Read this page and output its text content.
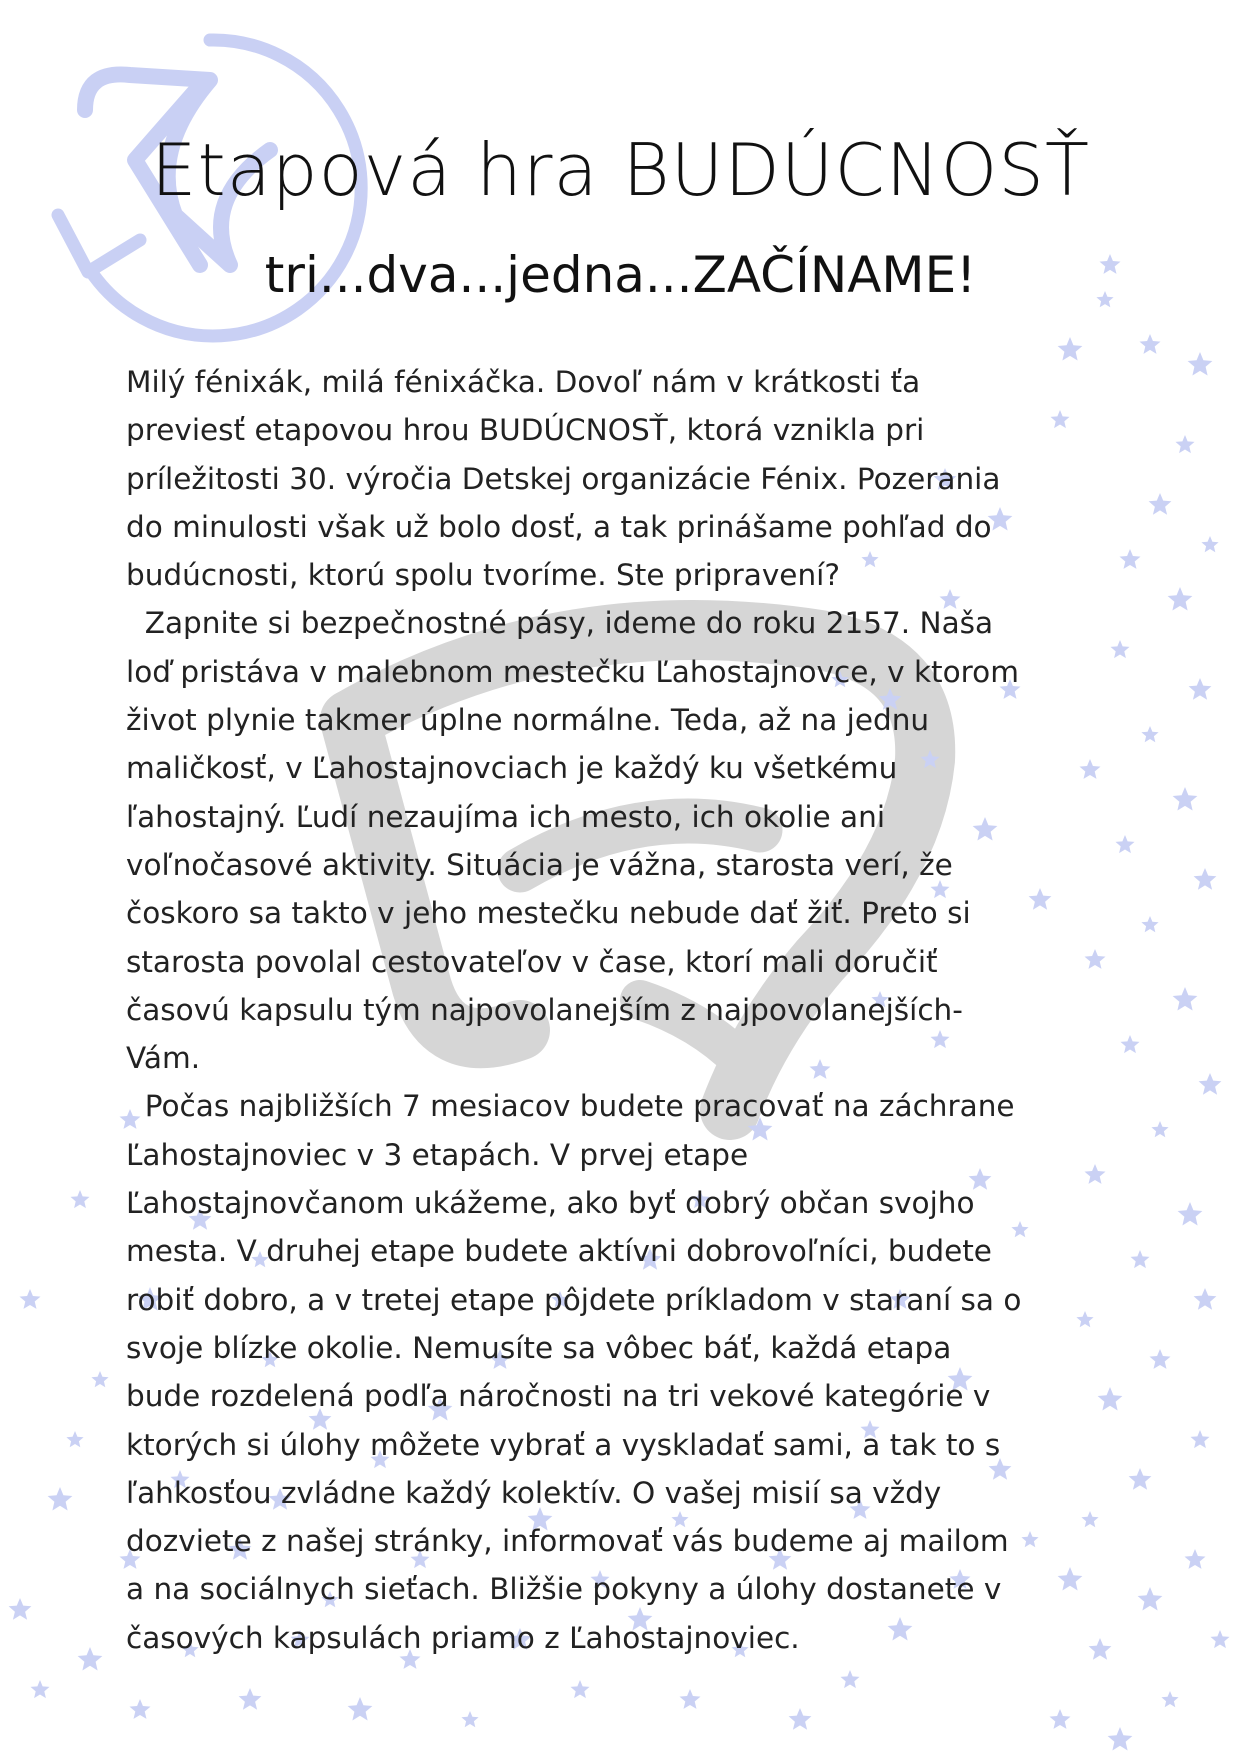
Etapová hra BUDÚCNOSŤ
tri...dva...jedna...ZAČÍNAME!
Milý fénixák, milá fénixáčka. Dovoľ nám v krátkosti ťa
previesť etapovou hrou BUDÚCNOSŤ, ktorá vznikla pri
príležitosti 30. výročia Detskej organizácie Fénix. Pozerania
do minulosti však už bolo dosť, a tak prinášame pohľad do
budúcnosti, ktorú spolu tvoríme. Ste pripravení?
Zapnite si bezpečnostné pásy, ideme do roku 2157. Naša
loď pristáva v malebnom mestečku Ľahostajnovce, v ktorom
život plynie takmer úplne normálne. Teda, až na jednu
maličkosť, v Ľahostajnovciach je každý ku všetkému
ľahostajný. Ľudí nezaujíma ich mesto, ich okolie ani
voľnočasové aktivity. Situácia je vážna, starosta verí, že
čoskoro sa takto v jeho mestečku nebude dať žiť. Preto si
starosta povolal cestovateľov v čase, ktorí mali doručiť
časovú kapsulu tým najpovolanejším z najpovolanejších-
Vám.
Počas najbližších 7 mesiacov budete pracovať na záchrane
Ľahostajnoviec v 3 etapách. V prvej etape
Ľahostajnovčanom ukážeme, ako byť dobrý občan svojho
mesta. V druhej etape budete aktívni dobrovoľníci, budete
robiť dobro, a v tretej etape pôjdete príkladom v staraní sa o
svoje blízke okolie. Nemusíte sa vôbec báť, každá etapa
bude rozdelená podľa náročnosti na tri vekové kategórie v
ktorých si úlohy môžete vybrať a vyskladať sami, a tak to s
ľahkosťou zvládne každý kolektív. O vašej misií sa vždy
dozviete z našej stránky, informovať vás budeme aj mailom
a na sociálnych sieťach. Bližšie pokyny a úlohy dostanete v
časových kapsulách priamo z Ľahostajnoviec.
